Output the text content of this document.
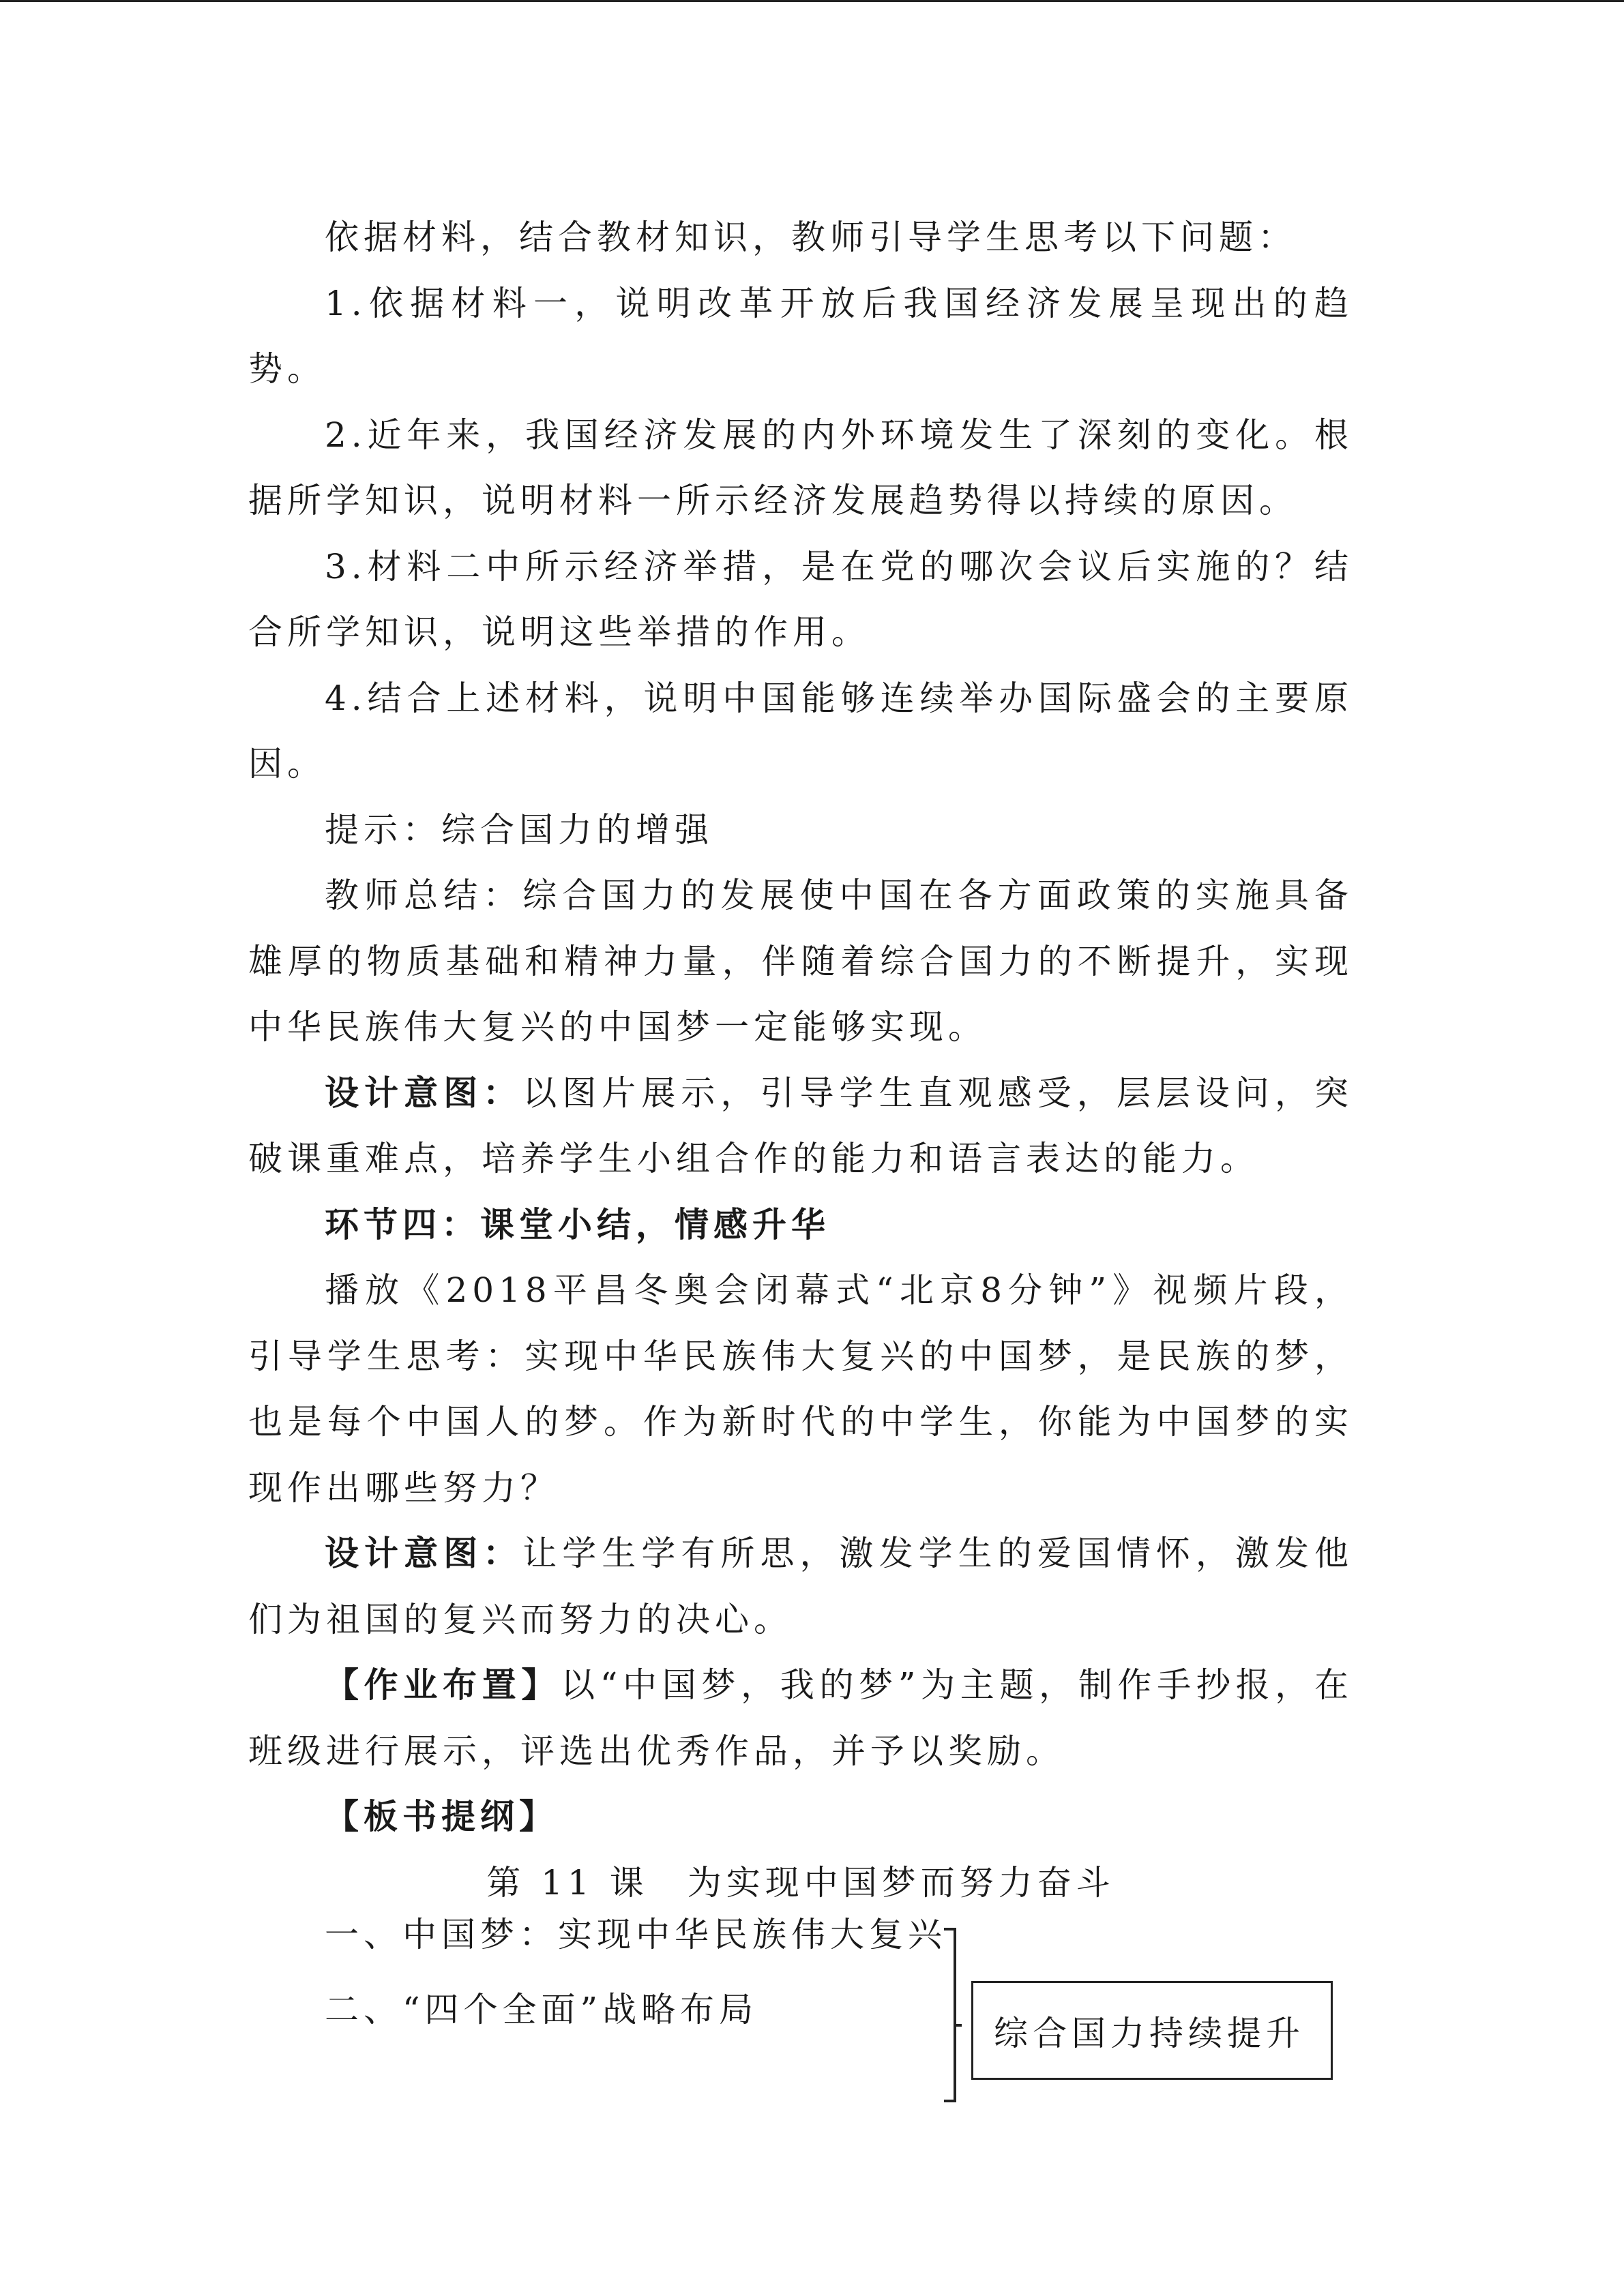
依据材料，结合教材知识，教师引导学生思考以下问题：

1.依据材料一，说明改革开放后我国经济发展呈现出的趋势。

2.近年来，我国经济发展的内外环境发生了深刻的变化。根据所学知识，说明材料一所示经济发展趋势得以持续的原因。

3.材料二中所示经济举措，是在党的哪次会议后实施的？结合所学知识，说明这些举措的作用。

4.结合上述材料，说明中国能够连续举办国际盛会的主要原因。

提示：综合国力的增强

教师总结：综合国力的发展使中国在各方面政策的实施具备雄厚的物质基础和精神力量，伴随着综合国力的不断提升，实现中华民族伟大复兴的中国梦一定能够实现。

设计意图：以图片展示，引导学生直观感受，层层设问，突破课重难点，培养学生小组合作的能力和语言表达的能力。

环节四：课堂小结，情感升华

播放《2018平昌冬奥会闭幕式“北京8分钟”》视频片段，引导学生思考：实现中华民族伟大复兴的中国梦，是民族的梦，也是每个中国人的梦。作为新时代的中学生，你能为中国梦的实现作出哪些努力？

设计意图：让学生学有所思，激发学生的爱国情怀，激发他们为祖国的复兴而努力的决心。

【作业布置】以“中国梦，我的梦”为主题，制作手抄报，在班级进行展示，评选出优秀作品，并予以奖励。

【板书提纲】

第 11 课　为实现中国梦而努力奋斗

一、中国梦：实现中华民族伟大复兴
二、“四个全面”战略布局
综合国力持续提升
